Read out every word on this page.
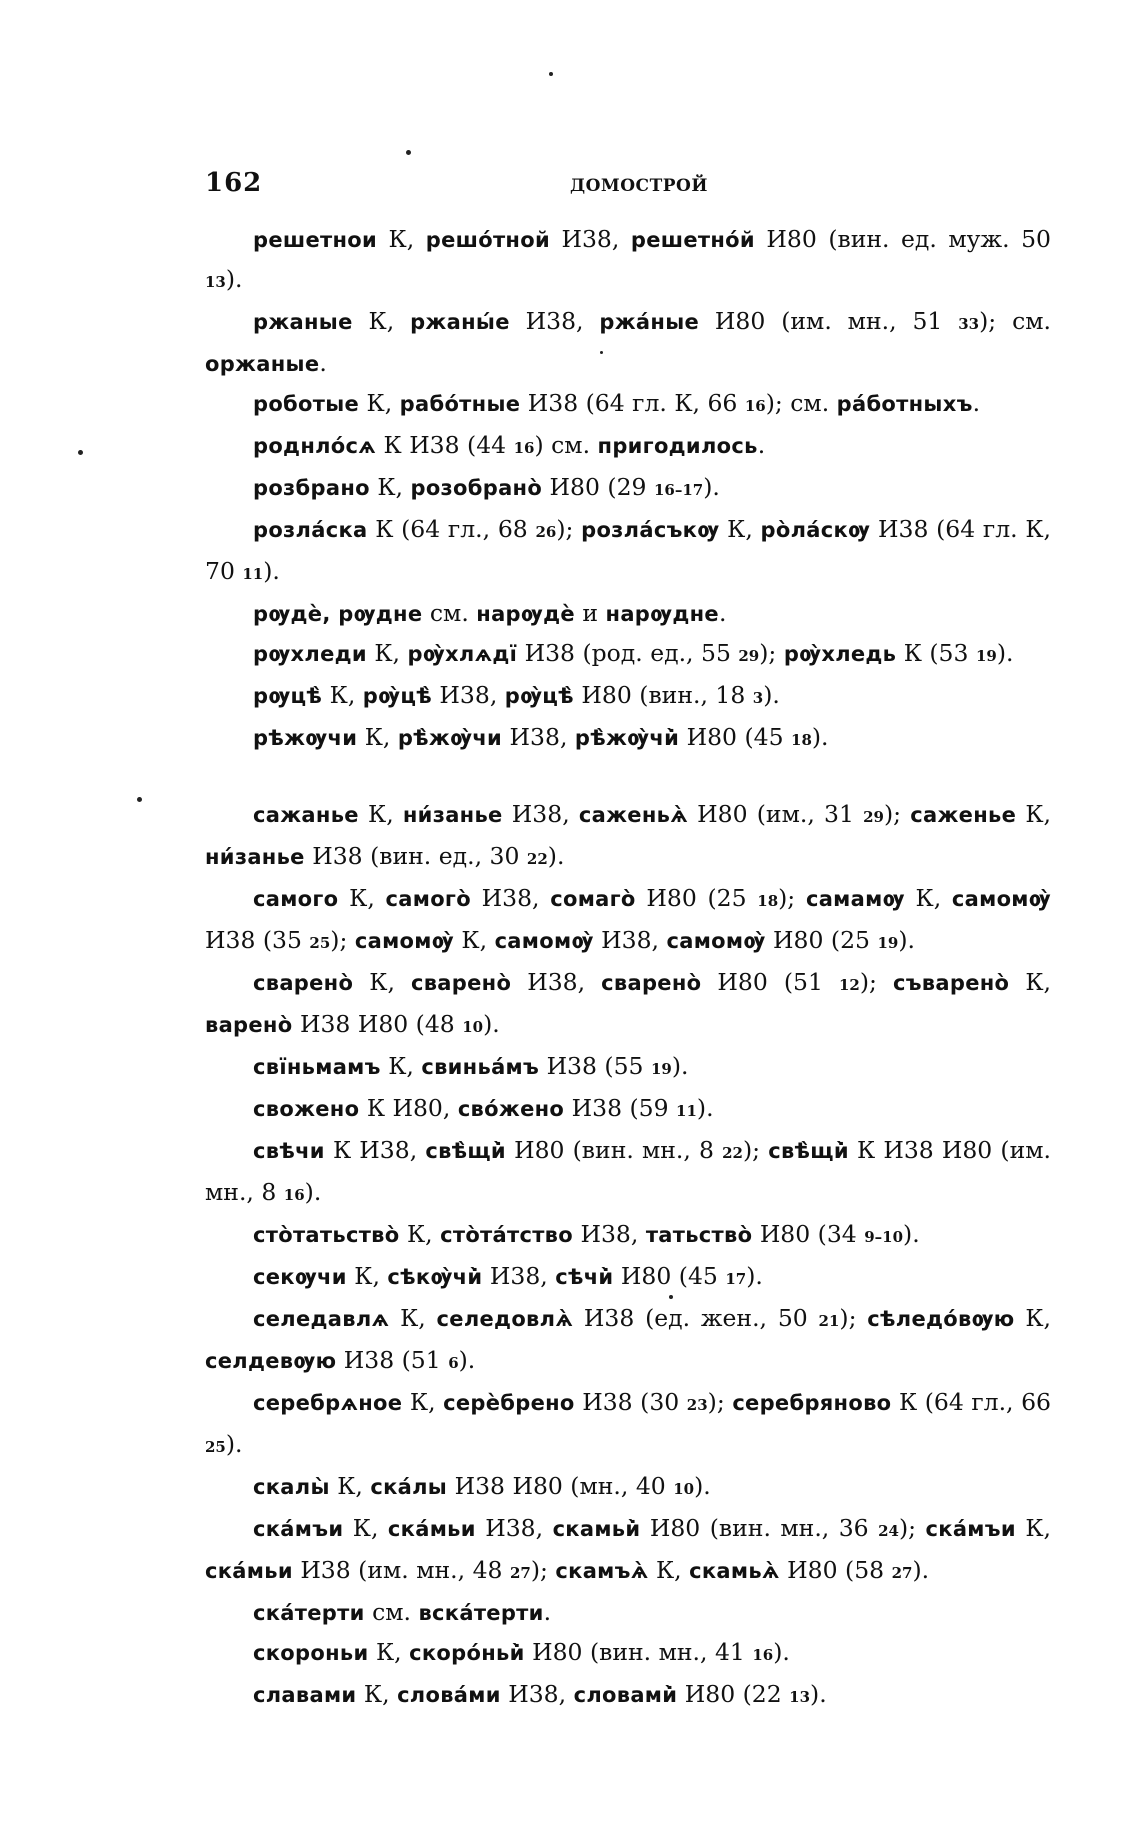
162	ДОМОСТРОЙ

решетнои К, решо́тной И38, решетно́й И80 (вин. ед. муж. 50 13).

ржаные К, ржаны́е И38, ржа́ные И80 (им. мн., 51 33); см. оржаные.

роботые К, рабо́тные И38 (64 гл. К, 66 16); см. ра́ботныхъ.

роднло́сѧ К И38 (44 16) см. пригодилось.

розбрано К, розобрано̀ И80 (29 16–17).

розла́ска К (64 гл., 68 26); розла́съкѹ К, ро̀ла́скѹ И38 (64 гл. К, 70 11).

рѹдѐ, рѹдне см. нарѹдѐ и нарѹдне.

рѹхледи К, рѹ̀хлѧдї И38 (род. ед., 55 29); рѹ̀хледь К (53 19).

рѹцѣ̀ К, рѹ̀цѣ̀ И38, рѹ̀цѣ̀ И80 (вин., 18 3).

рѣжѹчи К, рѣ̀жѹ̀чи И38, рѣ̀жѹ̀чи̇̀ И80 (45 18).

сажанье К, ни́занье И38, саженьѧ̀ И80 (им., 31 29); саженье К, ни́занье И38 (вин. ед., 30 22).

самого К, самого̀ И38, сомаго̀ И80 (25 18); самамѹ К, самомѹ̀ И38 (35 25); самомѹ̀ К, самомѹ̀ И38, самомѹ̀ И80 (25 19).

сварено̀ К, сварено̀ И38, сварено̀ И80 (51 12); съварено̀ К, варено̀ И38 И80 (48 10).

свїньмамъ К, свиньа́мъ И38 (55 19).

свожено К И80, сво́жено И38 (59 11).

свѣчи К И38, свѣ̀щи̇̀ И80 (вин. мн., 8 22); свѣ̀щи̇̀ К И38 И80 (им. мн., 8 16).

сто̀татьство̀ К, сто̀та́тство И38, татьство̀ И80 (34 9–10).

секѹчи К, сѣкѹ̀чи̇̀ И38, сѣчи̇̀ И80 (45 17).

селедавлѧ К, селедовлѧ̀ И38 (ед. жен., 50 21); сѣледо́вѹю К, селдевѹю И38 (51 6).

серебрѧное К, серѐбрено И38 (30 23); серебряново К (64 гл., 66 25).

скалы̀ К, ска́лы И38 И80 (мн., 40 10).

ска́мъи К, ска́мьи И38, скамьи̇̀ И80 (вин. мн., 36 24); ска́мъи К, ска́мьи И38 (им. мн., 48 27); скамъѧ̀ К, скамьѧ̀ И80 (58 27).

ска́терти см. вска́терти.

скороньи К, скоро́ньи̇̀ И80 (вин. мн., 41 16).

славами К, слова́ми И38, словами̇̀ И80 (22 13).
